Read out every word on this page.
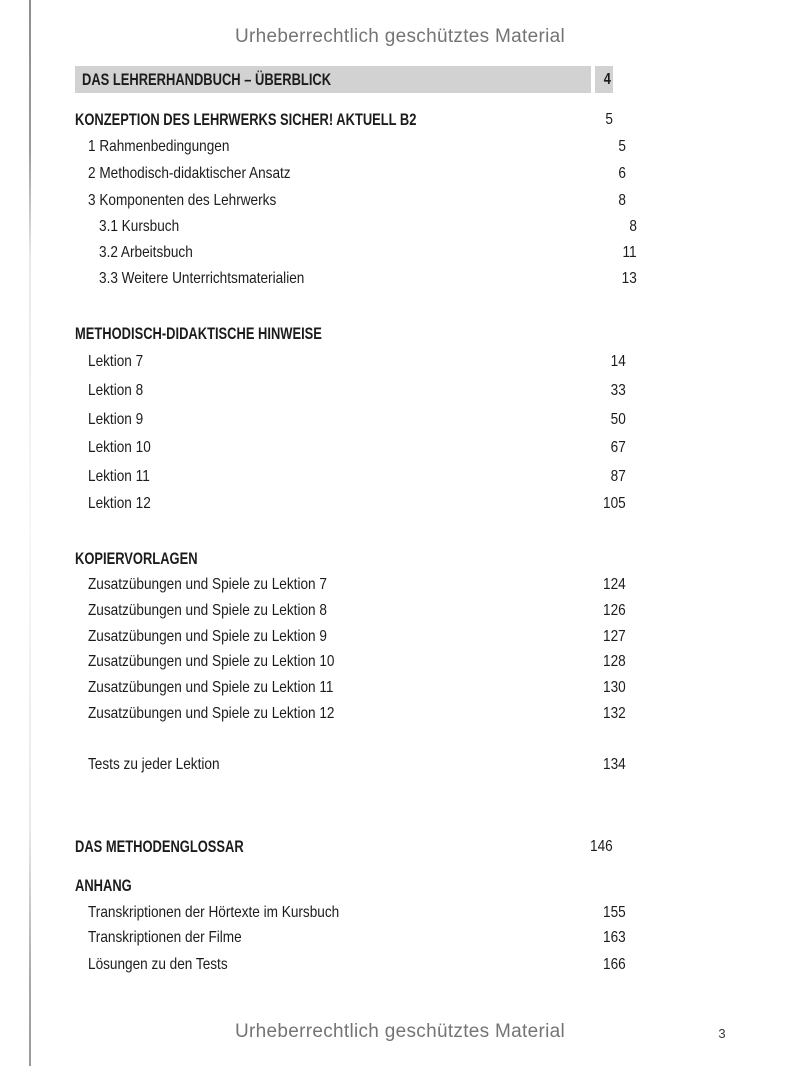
Urheberrechtlich geschütztes Material
DAS LEHRERHANDBUCH – ÜBERBLICK	4
KONZEPTION DES LEHRWERKS SICHER! AKTUELL B2	5
1 Rahmenbedingungen	5
2 Methodisch-didaktischer Ansatz	6
3 Komponenten des Lehrwerks	8
3.1 Kursbuch	8
3.2 Arbeitsbuch	11
3.3 Weitere Unterrichtsmaterialien	13
METHODISCH-DIDAKTISCHE HINWEISE
Lektion 7	14
Lektion 8	33
Lektion 9	50
Lektion 10	67
Lektion 11	87
Lektion 12	105
KOPIERVORLAGEN
Zusatzübungen und Spiele zu Lektion 7	124
Zusatzübungen und Spiele zu Lektion 8	126
Zusatzübungen und Spiele zu Lektion 9	127
Zusatzübungen und Spiele zu Lektion 10	128
Zusatzübungen und Spiele zu Lektion 11	130
Zusatzübungen und Spiele zu Lektion 12	132
Tests zu jeder Lektion	134
DAS METHODENGLOSSAR	146
ANHANG
Transkriptionen der Hörtexte im Kursbuch	155
Transkriptionen der Filme	163
Lösungen zu den Tests	166
Urheberrechtlich geschütztes Material	3
